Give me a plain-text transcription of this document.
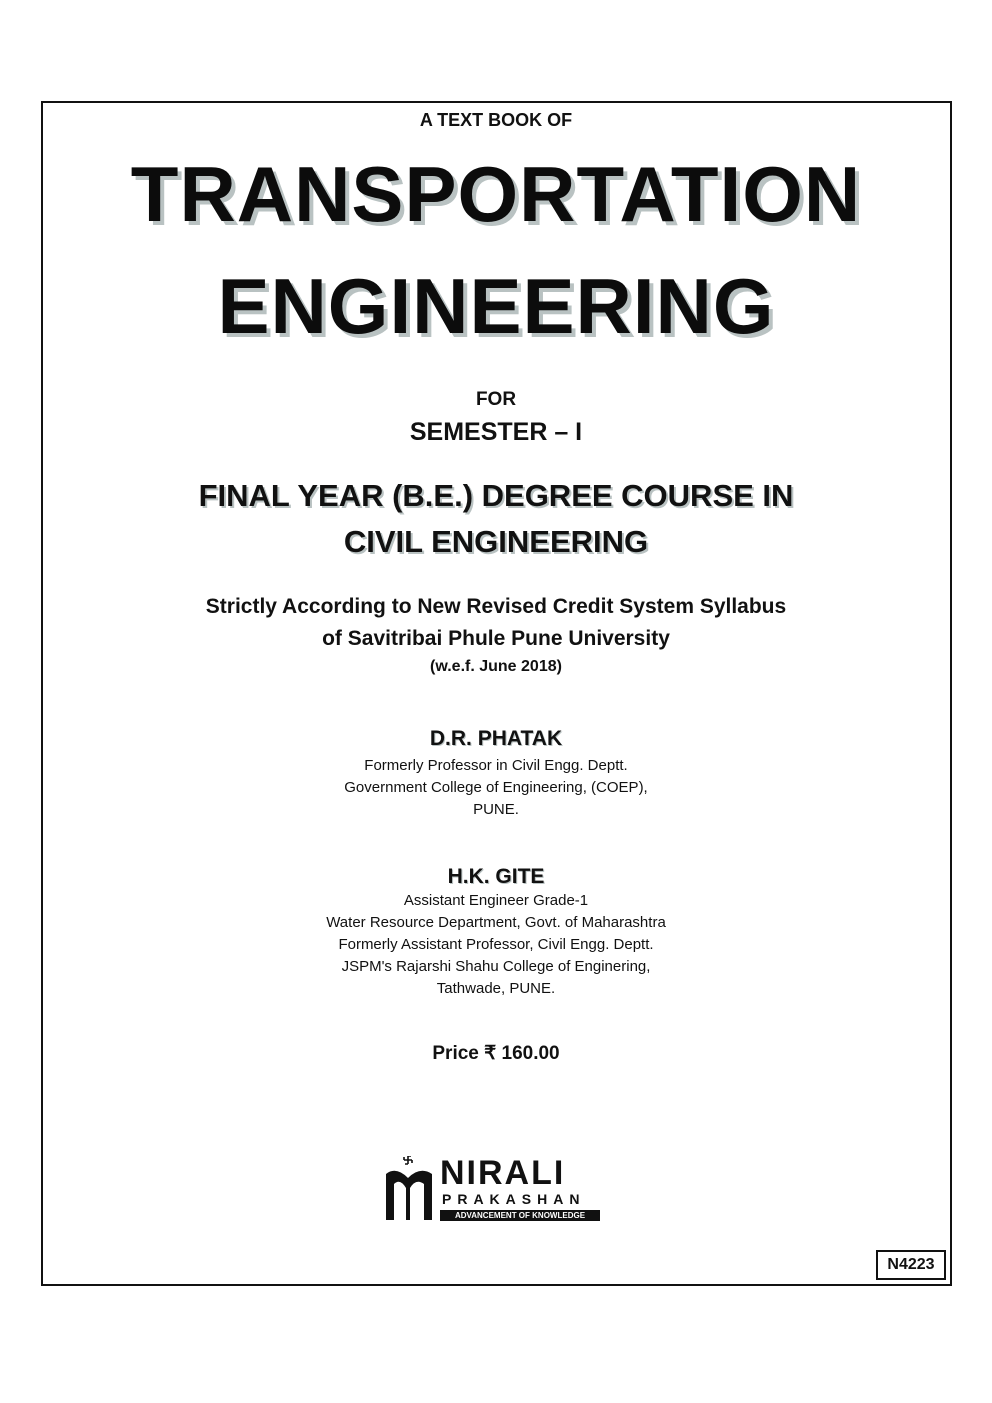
A TEXT BOOK OF
TRANSPORTATION
ENGINEERING
FOR
SEMESTER – I
FINAL YEAR (B.E.) DEGREE COURSE IN
CIVIL ENGINEERING
Strictly According to New Revised Credit System Syllabus
of Savitribai Phule Pune University
(w.e.f. June 2018)
D.R. PHATAK
Formerly Professor in Civil Engg. Deptt.
Government College of Engineering, (COEP),
PUNE.
H.K. GITE
Assistant Engineer Grade-1
Water Resource Department, Govt. of Maharashtra
Formerly Assistant Professor, Civil Engg. Deptt.
JSPM's Rajarshi Shahu College of Enginering,
Tathwade, PUNE.
Price ₹ 160.00
NIRALI
PRAKASHAN
ADVANCEMENT OF KNOWLEDGE
N4223
